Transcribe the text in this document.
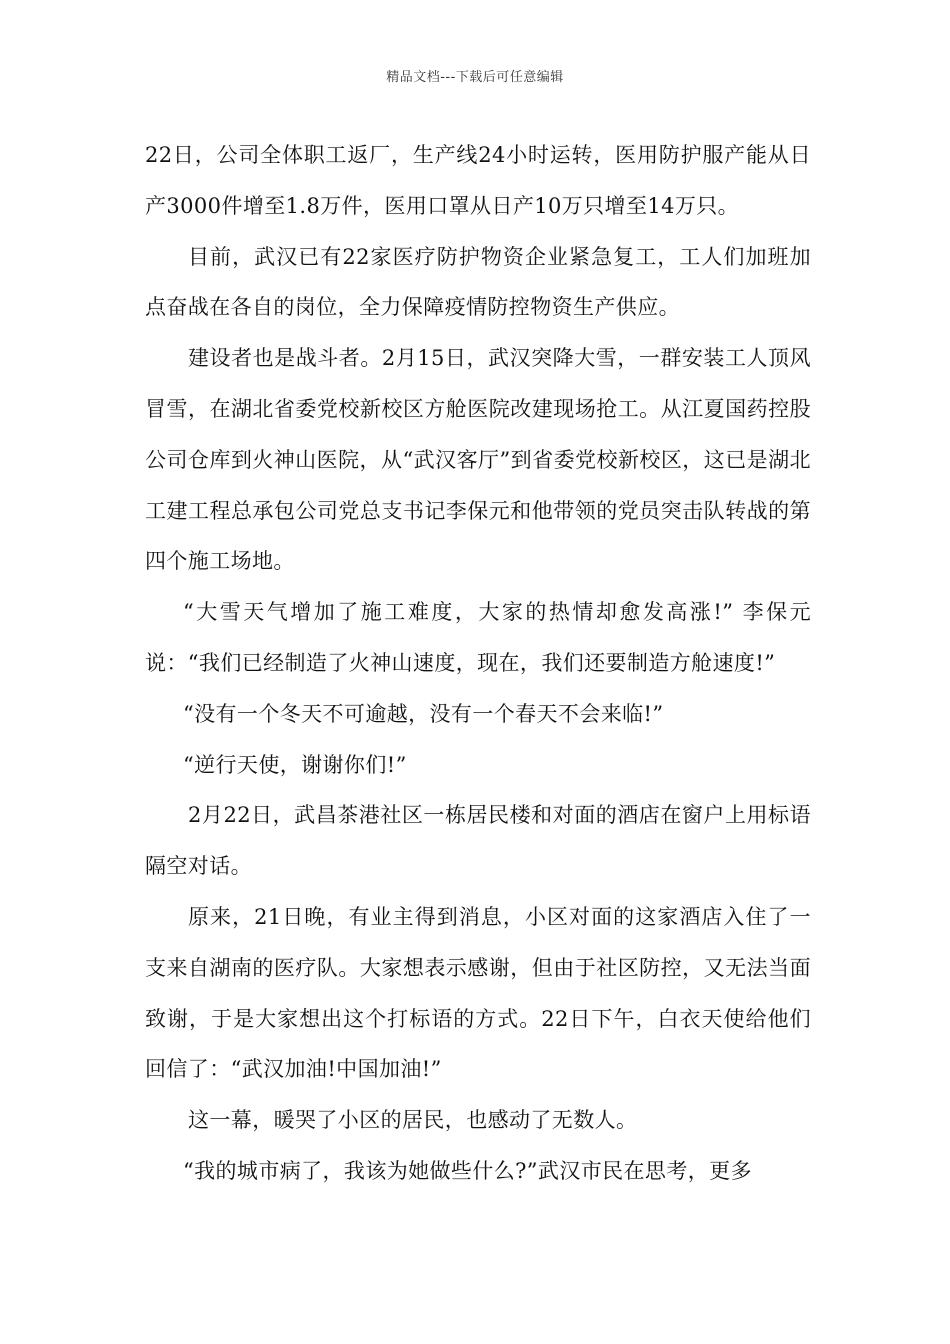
精品文档---下载后可任意编辑

22日，公司全体职工返厂，生产线24小时运转，医用防护服产能从日产3000件增至1.8万件，医用口罩从日产10万只增至14万只。

目前，武汉已有22家医疗防护物资企业紧急复工，工人们加班加点奋战在各自的岗位，全力保障疫情防控物资生产供应。

建设者也是战斗者。2月15日，武汉突降大雪，一群安装工人顶风冒雪，在湖北省委党校新校区方舱医院改建现场抢工。从江夏国药控股公司仓库到火神山医院，从“武汉客厅”到省委党校新校区，这已是湖北工建工程总承包公司党总支书记李保元和他带领的党员突击队转战的第四个施工场地。

“大雪天气增加了施工难度，大家的热情却愈发高涨!” 李保元说：“我们已经制造了火神山速度，现在，我们还要制造方舱速度!”

“没有一个冬天不可逾越，没有一个春天不会来临!”

“逆行天使，谢谢你们!”

2月22日，武昌茶港社区一栋居民楼和对面的酒店在窗户上用标语隔空对话。

原来，21日晚，有业主得到消息，小区对面的这家酒店入住了一支来自湖南的医疗队。大家想表示感谢，但由于社区防控，又无法当面致谢，于是大家想出这个打标语的方式。22日下午，白衣天使给他们回信了：“武汉加油!中国加油!”

这一幕，暖哭了小区的居民，也感动了无数人。

“我的城市病了，我该为她做些什么?”武汉市民在思考，更多
